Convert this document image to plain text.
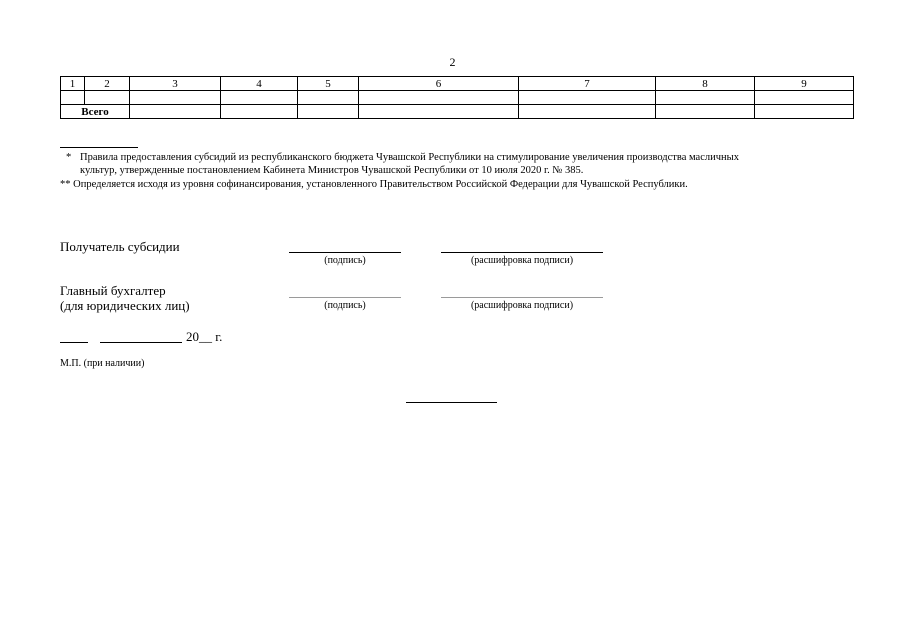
2
1	2	3	4	5	6	7	8	9

Всего								
* Правила предоставления субсидий из республиканского бюджета Чувашской Республики на стимулирование увеличения производства масличных
культур, утвержденные постановлением Кабинета Министров Чувашской Республики от 10 июля 2020 г. № 385.
** Определяется исходя из уровня софинансирования, установленного Правительством Российской Федерации для Чувашской Республики.
Получатель субсидии
(подпись)	(расшифровка подписи)
Главный бухгалтер
(для юридических лиц)	(подпись)	(расшифровка подписи)
20__ г.
М.П. (при наличии)
